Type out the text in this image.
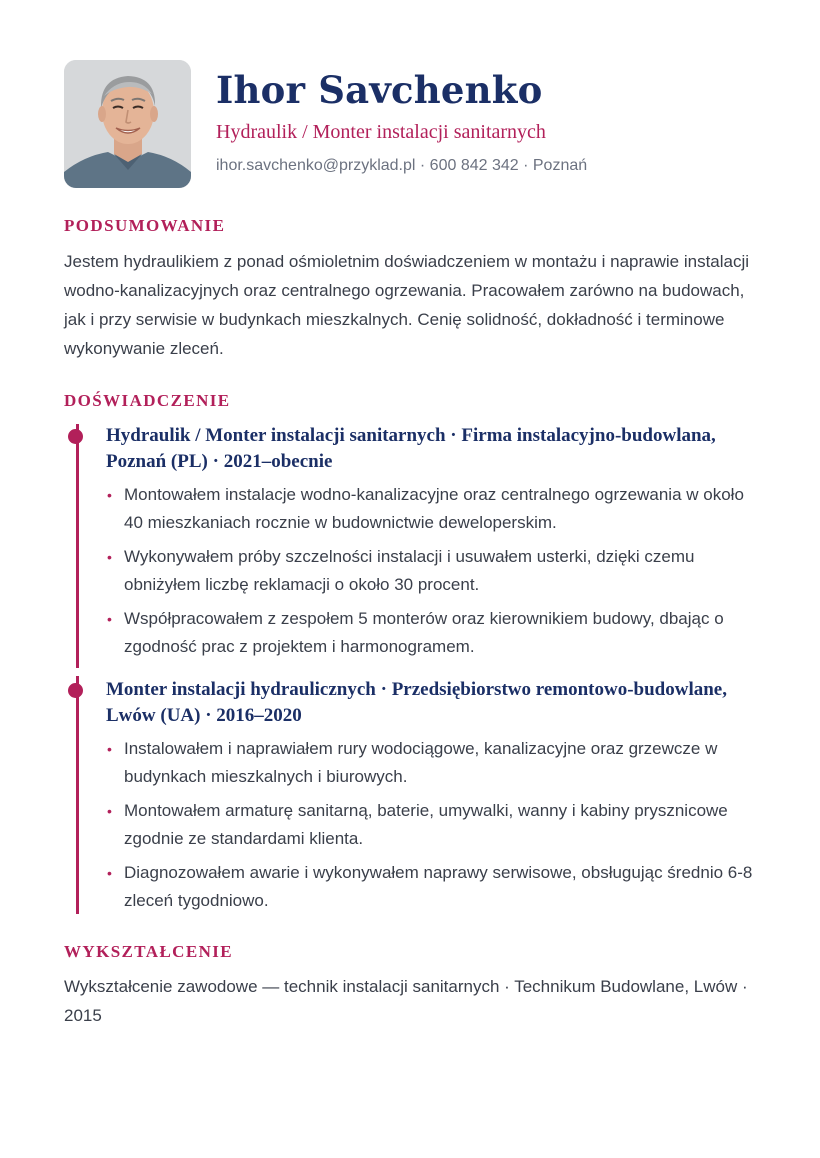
Ihor Savchenko
Hydraulik / Monter instalacji sanitarnych
ihor.savchenko@przyklad.pl · 600 842 342 · Poznań
PODSUMOWANIE
Jestem hydraulikiem z ponad ośmioletnim doświadczeniem w montażu i naprawie instalacji wodno-kanalizacyjnych oraz centralnego ogrzewania. Pracowałem zarówno na budowach, jak i przy serwisie w budynkach mieszkalnych. Cenię solidność, dokładność i terminowe wykonywanie zleceń.
DOŚWIADCZENIE
Hydraulik / Monter instalacji sanitarnych · Firma instalacyjno-budowlana, Poznań (PL) · 2021–obecnie
• Montowałem instalacje wodno-kanalizacyjne oraz centralnego ogrzewania w około 40 mieszkaniach rocznie w budownictwie deweloperskim.
• Wykonywałem próby szczelności instalacji i usuwałem usterki, dzięki czemu obniżyłem liczbę reklamacji o około 30 procent.
• Współpracowałem z zespołem 5 monterów oraz kierownikiem budowy, dbając o zgodność prac z projektem i harmonogramem.
Monter instalacji hydraulicznych · Przedsiębiorstwo remontowo-budowlane, Lwów (UA) · 2016–2020
• Instalowałem i naprawiałem rury wodociągowe, kanalizacyjne oraz grzewcze w budynkach mieszkalnych i biurowych.
• Montowałem armaturę sanitarną, baterie, umywalki, wanny i kabiny prysznicowe zgodnie ze standardami klienta.
• Diagnozowałem awarie i wykonywałem naprawy serwisowe, obsługując średnio 6-8 zleceń tygodniowo.
WYKSZTAŁCENIE
Wykształcenie zawodowe — technik instalacji sanitarnych · Technikum Budowlane, Lwów · 2015
